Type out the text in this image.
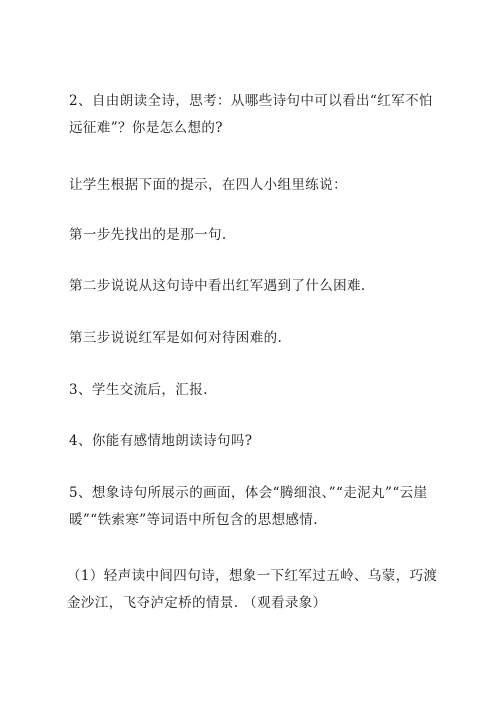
2、自由朗读全诗，思考：从哪些诗句中可以看出“红军不怕远征难”？你是怎么想的?
让学生根据下面的提示，在四人小组里练说：
第一步先找出的是那一句.
第二步说说从这句诗中看出红军遇到了什么困难.
第三步说说红军是如何对待困难的.
3、学生交流后，汇报.
4、你能有感情地朗读诗句吗?
5、想象诗句所展示的画面，体会“腾细浪、”“走泥丸”“云崖暖”“铁索寒”等词语中所包含的思想感情.
（1）轻声读中间四句诗，想象一下红军过五岭、乌蒙，巧渡金沙江，飞夺泸定桥的情景. （观看录象）
